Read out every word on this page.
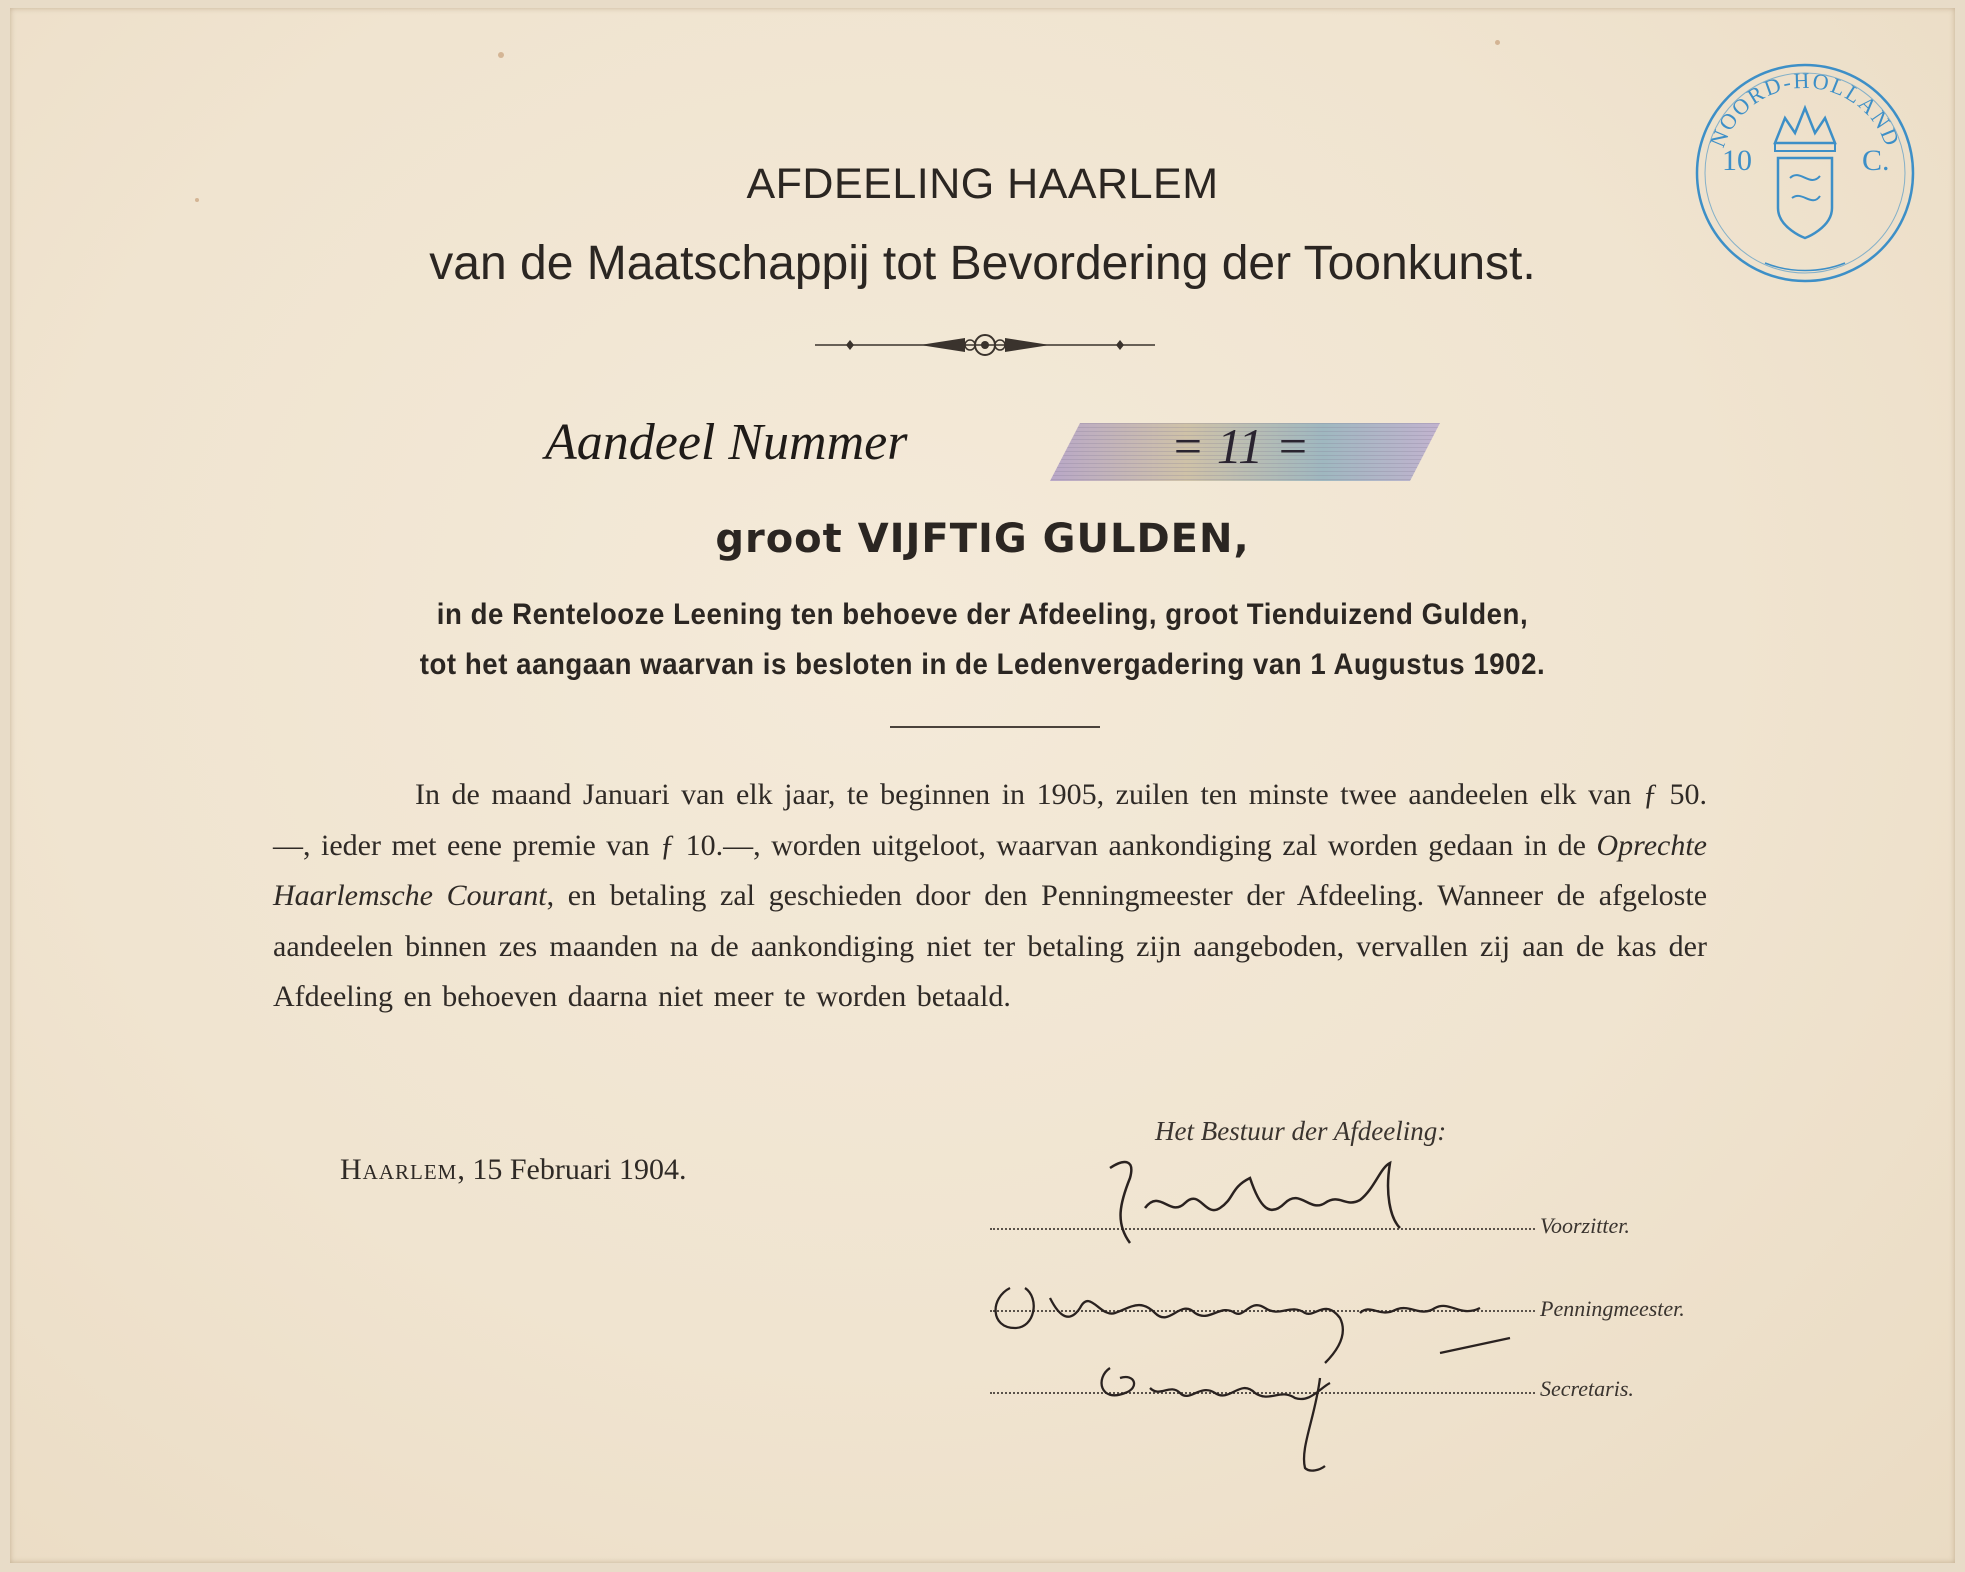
AFDEELING HAARLEM
van de Maatschappij tot Bevordering der Toonkunst.
Aandeel Nummer	= 11 =
groot VIJFTIG GULDEN,
in de Rentelooze Leening ten behoeve der Afdeeling, groot Tienduizend Gulden,
tot het aangaan waarvan is besloten in de Ledenvergadering van 1 Augustus 1902.
In de maand Januari van elk jaar, te beginnen in 1905, zuilen ten minste twee aandeelen elk van ƒ 50.—, ieder met eene premie van ƒ 10.—, worden uitgeloot, waarvan aankondiging zal worden gedaan in de Oprechte Haarlemsche Courant, en betaling zal geschieden door den Penningmeester der Afdeeling. Wanneer de afgeloste aandeelen binnen zes maanden na de aankondiging niet ter betaling zijn aangeboden, vervallen zij aan de kas der Afdeeling en behoeven daarna niet meer te worden betaald.
Het Bestuur der Afdeeling:
Haarlem, 15 Februari 1904.
Voorzitter.
Penningmeester.
Secretaris.
NOORD-HOLLAND
10	C.
